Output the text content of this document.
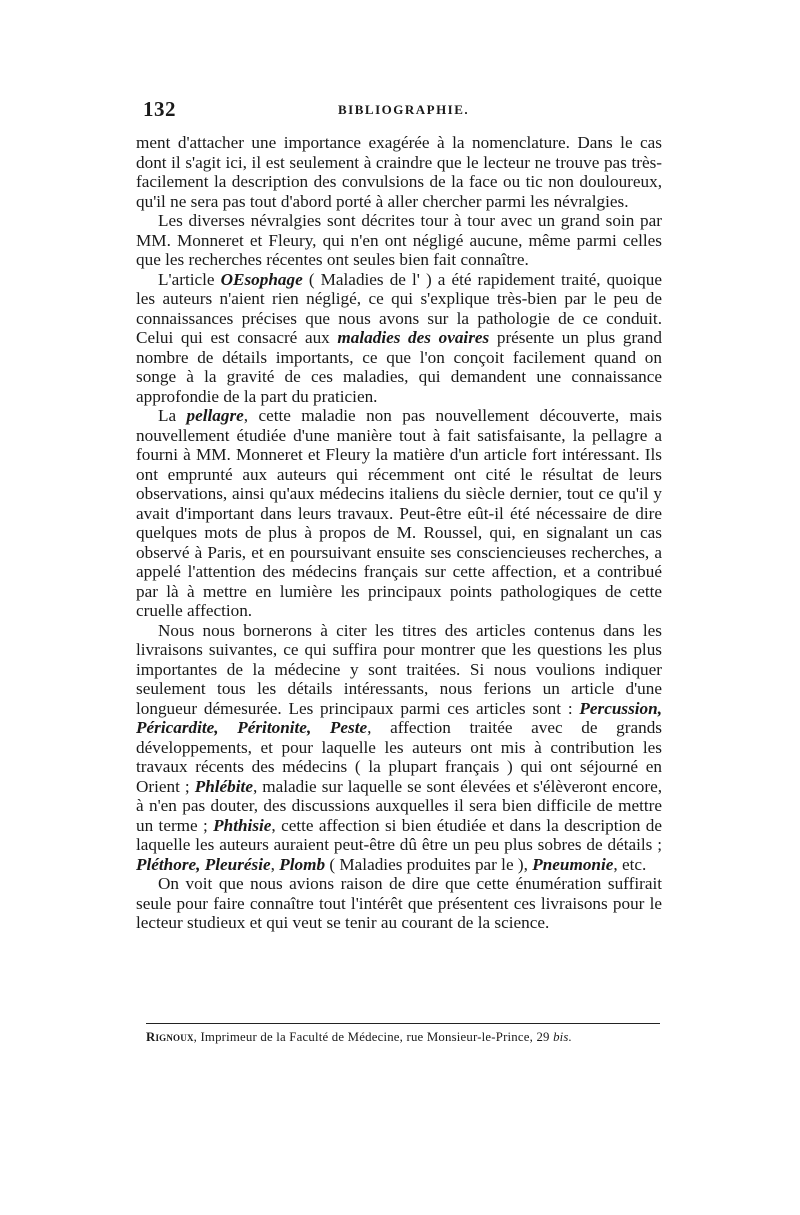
132	BIBLIOGRAPHIE.

ment d'attacher une importance exagérée à la nomenclature. Dans le cas dont il s'agit ici, il est seulement à craindre que le lecteur ne trouve pas très-facilement la description des convulsions de la face ou tic non douloureux, qu'il ne sera pas tout d'abord porté à aller chercher parmi les névralgies.

Les diverses névralgies sont décrites tour à tour avec un grand soin par MM. Monneret et Fleury, qui n'en ont négligé aucune, même parmi celles que les recherches récentes ont seules bien fait connaître.

L'article OEsophage ( Maladies de l' ) a été rapidement traité, quoique les auteurs n'aient rien négligé, ce qui s'explique très-bien par le peu de connaissances précises que nous avons sur la pathologie de ce conduit. Celui qui est consacré aux maladies des ovaires présente un plus grand nombre de détails importants, ce que l'on conçoit facilement quand on songe à la gravité de ces maladies, qui demandent une connaissance approfondie de la part du praticien.

La pellagre, cette maladie non pas nouvellement découverte, mais nouvellement étudiée d'une manière tout à fait satisfaisante, la pellagre a fourni à MM. Monneret et Fleury la matière d'un article fort intéressant. Ils ont emprunté aux auteurs qui récemment ont cité le résultat de leurs observations, ainsi qu'aux médecins italiens du siècle dernier, tout ce qu'il y avait d'important dans leurs travaux. Peut-être eût-il été nécessaire de dire quelques mots de plus à propos de M. Roussel, qui, en signalant un cas observé à Paris, et en poursuivant ensuite ses consciencieuses recherches, a appelé l'attention des médecins français sur cette affection, et a contribué par là à mettre en lumière les principaux points pathologiques de cette cruelle affection.

Nous nous bornerons à citer les titres des articles contenus dans les livraisons suivantes, ce qui suffira pour montrer que les questions les plus importantes de la médecine y sont traitées. Si nous voulions indiquer seulement tous les détails intéressants, nous ferions un article d'une longueur démesurée. Les principaux parmi ces articles sont : Percussion, Péricardite, Péritonite, Peste, affection traitée avec de grands développements, et pour laquelle les auteurs ont mis à contribution les travaux récents des médecins ( la plupart français ) qui ont séjourné en Orient ; Phlébite, maladie sur laquelle se sont élevées et s'élèveront encore, à n'en pas douter, des discussions auxquelles il sera bien difficile de mettre un terme ; Phthisie, cette affection si bien étudiée et dans la description de laquelle les auteurs auraient peut-être dû être un peu plus sobres de détails ; Pléthore, Pleurésie, Plomb ( Maladies produites par le ), Pneumonie, etc.

On voit que nous avions raison de dire que cette énumération suffirait seule pour faire connaître tout l'intérêt que présentent ces livraisons pour le lecteur studieux et qui veut se tenir au courant de la science.

Rignoux, Imprimeur de la Faculté de Médecine, rue Monsieur-le-Prince, 29 bis.
